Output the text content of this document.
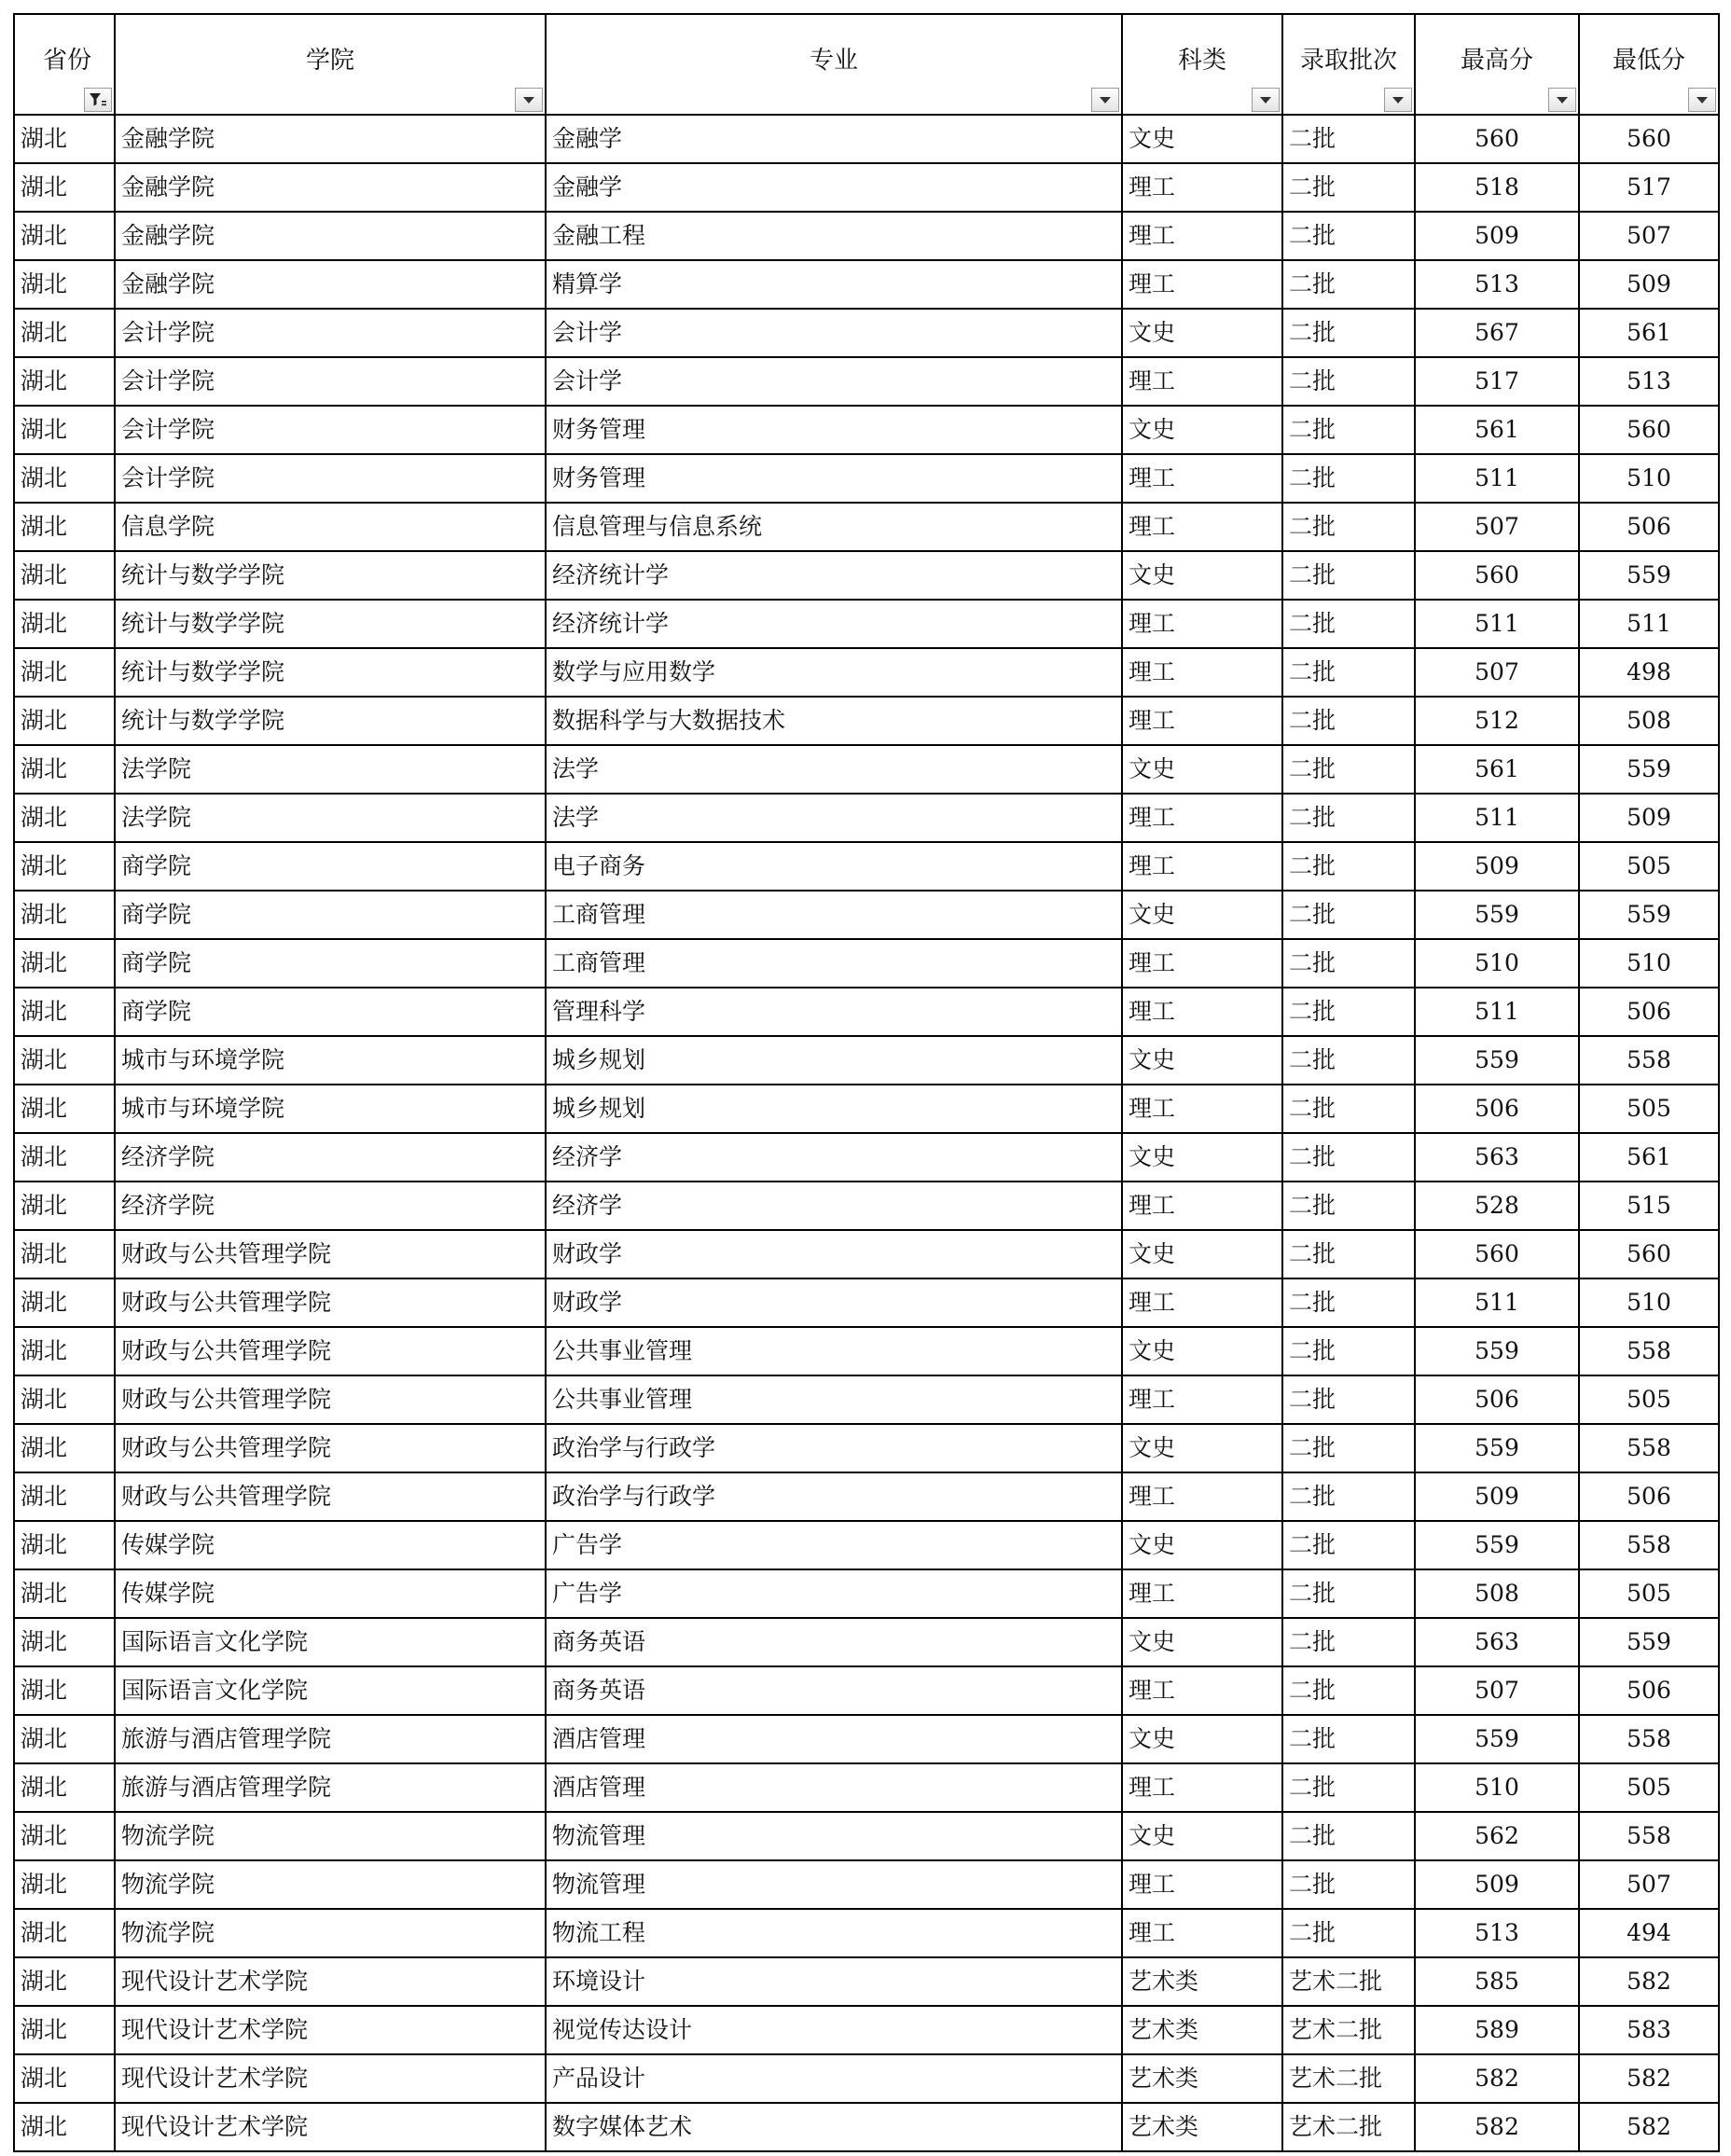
省份	学院	专业	科类	录取批次	最高分	最低分

湖北	金融学院	金融学	文史	二批	560	560
湖北	金融学院	金融学	理工	二批	518	517
湖北	金融学院	金融工程	理工	二批	509	507
湖北	金融学院	精算学	理工	二批	513	509
湖北	会计学院	会计学	文史	二批	567	561
湖北	会计学院	会计学	理工	二批	517	513
湖北	会计学院	财务管理	文史	二批	561	560
湖北	会计学院	财务管理	理工	二批	511	510
湖北	信息学院	信息管理与信息系统	理工	二批	507	506
湖北	统计与数学学院	经济统计学	文史	二批	560	559
湖北	统计与数学学院	经济统计学	理工	二批	511	511
湖北	统计与数学学院	数学与应用数学	理工	二批	507	498
湖北	统计与数学学院	数据科学与大数据技术	理工	二批	512	508
湖北	法学院	法学	文史	二批	561	559
湖北	法学院	法学	理工	二批	511	509
湖北	商学院	电子商务	理工	二批	509	505
湖北	商学院	工商管理	文史	二批	559	559
湖北	商学院	工商管理	理工	二批	510	510
湖北	商学院	管理科学	理工	二批	511	506
湖北	城市与环境学院	城乡规划	文史	二批	559	558
湖北	城市与环境学院	城乡规划	理工	二批	506	505
湖北	经济学院	经济学	文史	二批	563	561
湖北	经济学院	经济学	理工	二批	528	515
湖北	财政与公共管理学院	财政学	文史	二批	560	560
湖北	财政与公共管理学院	财政学	理工	二批	511	510
湖北	财政与公共管理学院	公共事业管理	文史	二批	559	558
湖北	财政与公共管理学院	公共事业管理	理工	二批	506	505
湖北	财政与公共管理学院	政治学与行政学	文史	二批	559	558
湖北	财政与公共管理学院	政治学与行政学	理工	二批	509	506
湖北	传媒学院	广告学	文史	二批	559	558
湖北	传媒学院	广告学	理工	二批	508	505
湖北	国际语言文化学院	商务英语	文史	二批	563	559
湖北	国际语言文化学院	商务英语	理工	二批	507	506
湖北	旅游与酒店管理学院	酒店管理	文史	二批	559	558
湖北	旅游与酒店管理学院	酒店管理	理工	二批	510	505
湖北	物流学院	物流管理	文史	二批	562	558
湖北	物流学院	物流管理	理工	二批	509	507
湖北	物流学院	物流工程	理工	二批	513	494
湖北	现代设计艺术学院	环境设计	艺术类	艺术二批	585	582
湖北	现代设计艺术学院	视觉传达设计	艺术类	艺术二批	589	583
湖北	现代设计艺术学院	产品设计	艺术类	艺术二批	582	582
湖北	现代设计艺术学院	数字媒体艺术	艺术类	艺术二批	582	582
